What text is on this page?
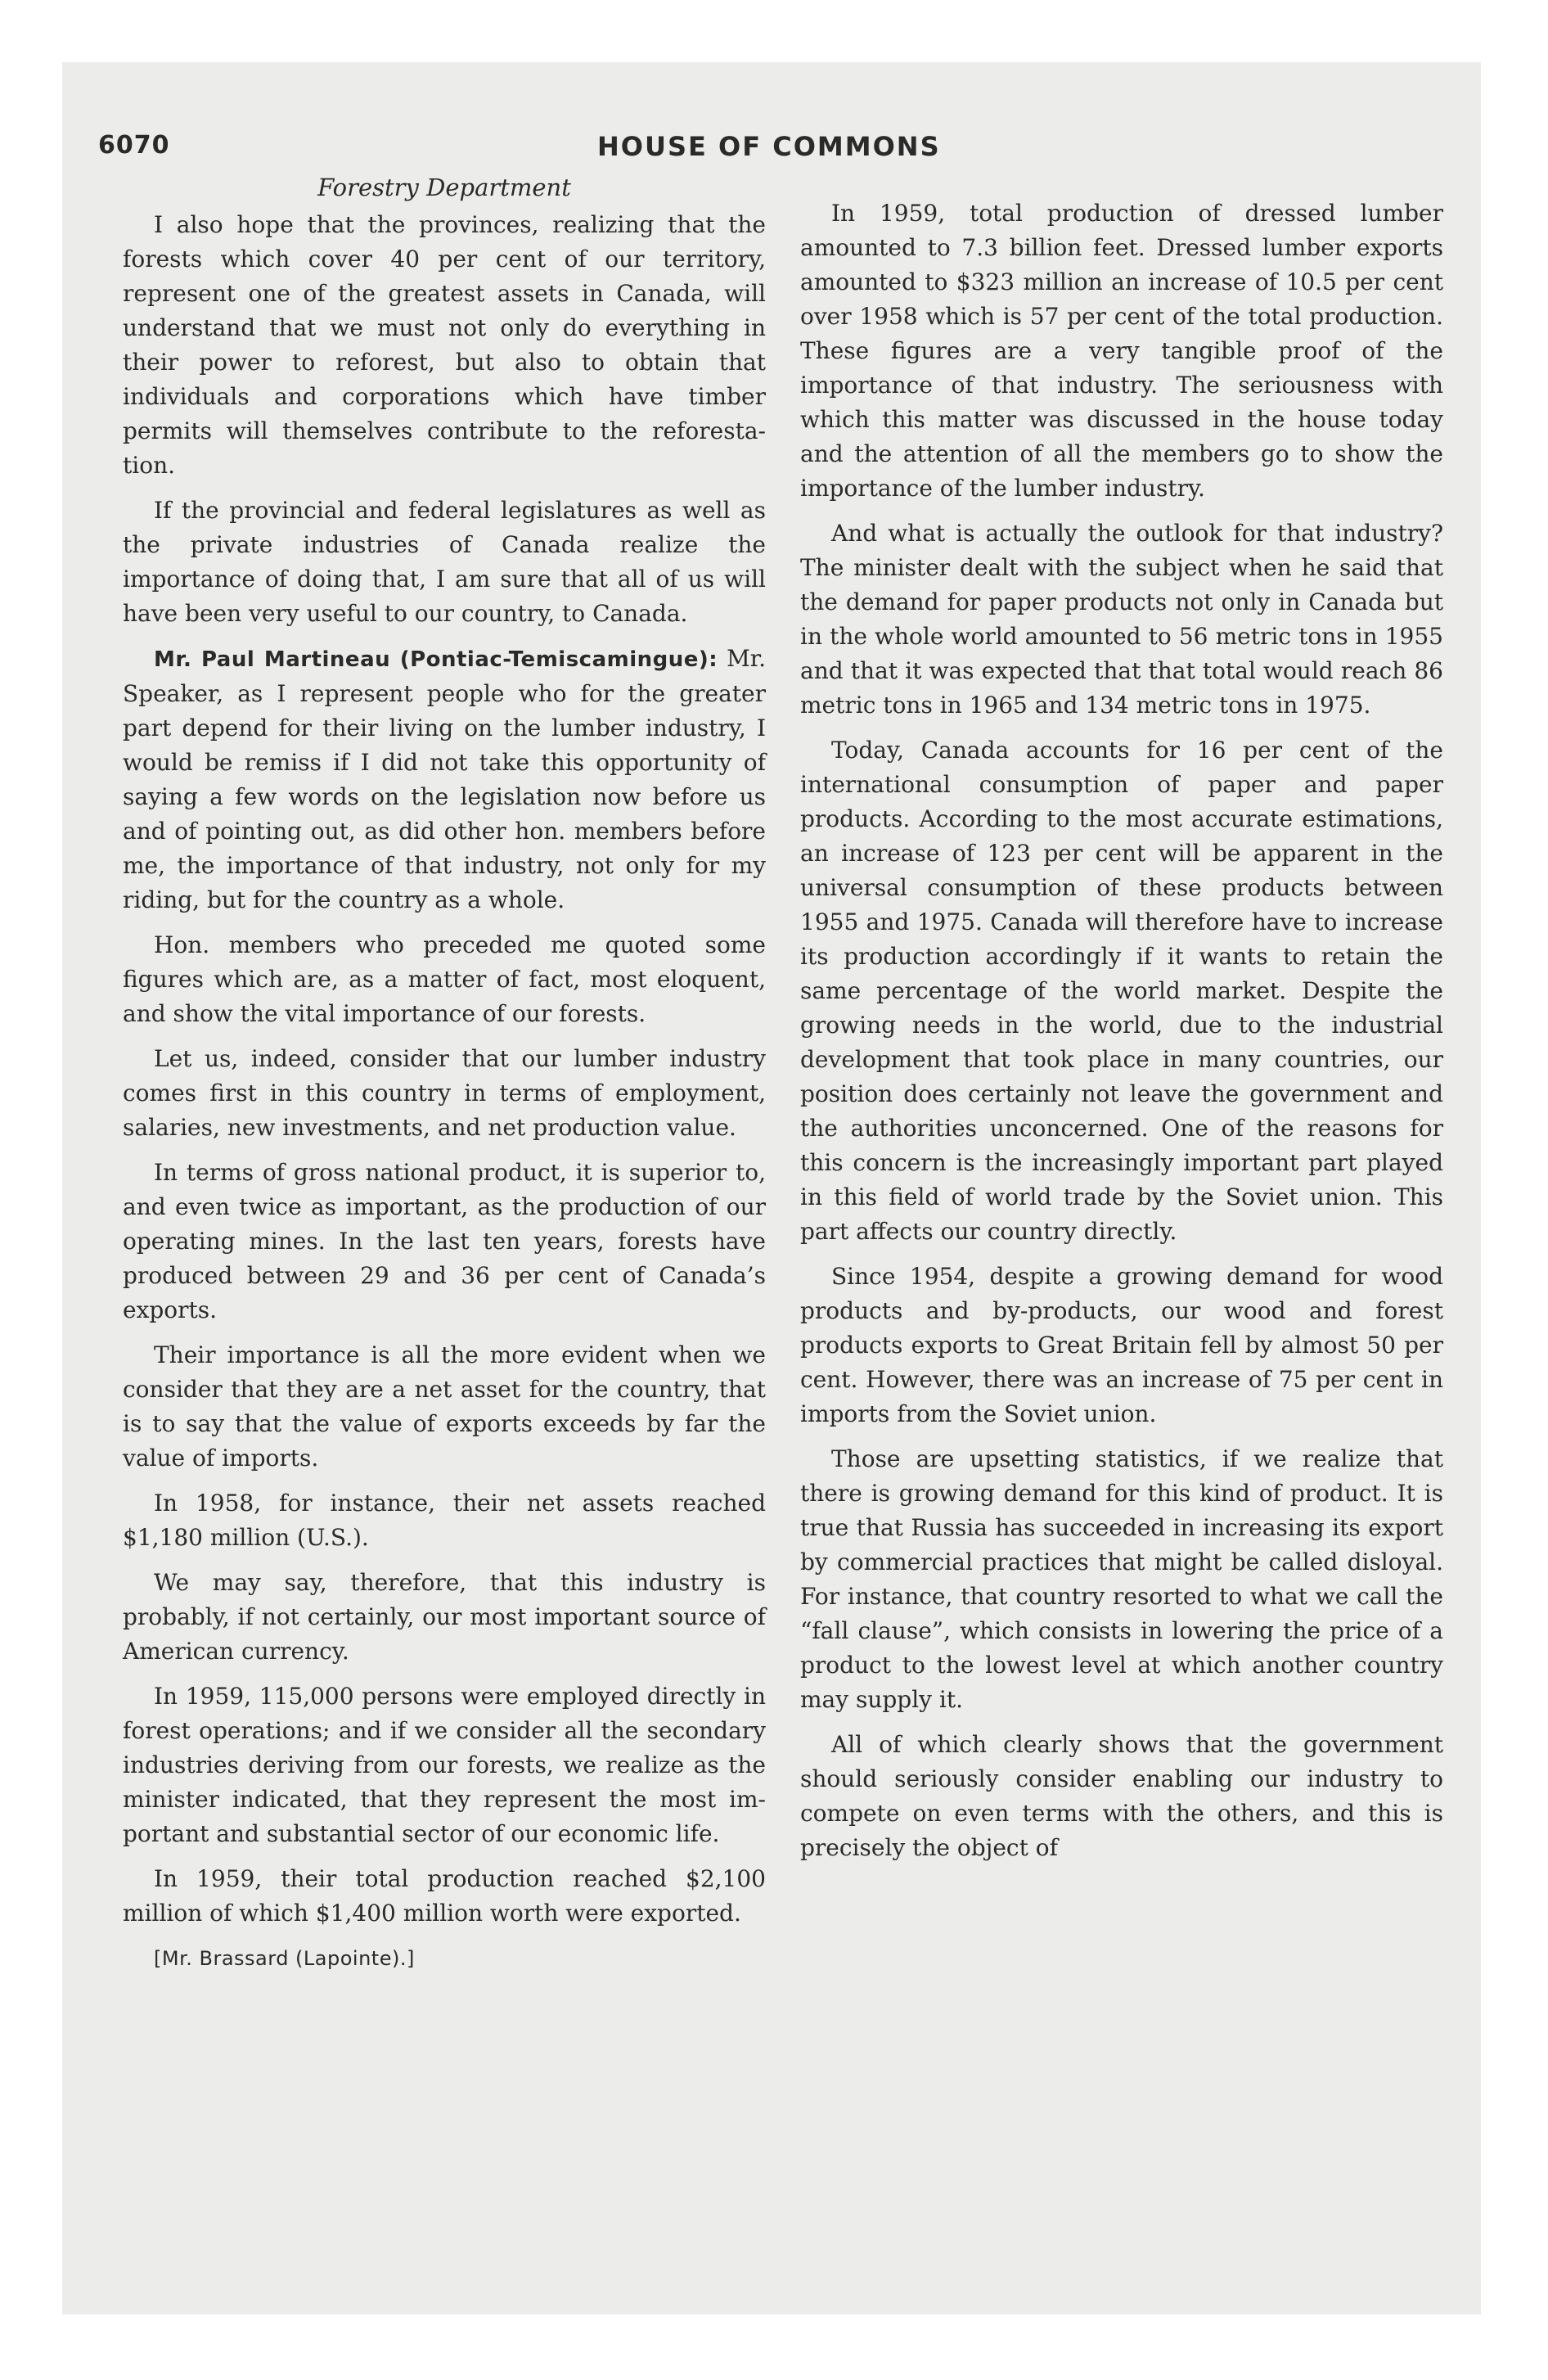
6070	HOUSE OF COMMONS
Forestry Department

I also hope that the provinces, realizing that the forests which cover 40 per cent of our territory, represent one of the greatest assets in Canada, will understand that we must not only do everything in their power to reforest, but also to obtain that individuals and corporations which have timber permits will themselves contribute to the reforestation.

If the provincial and federal legislatures as well as the private industries of Canada realize the importance of doing that, I am sure that all of us will have been very useful to our country, to Canada.

Mr. Paul Martineau (Pontiac-Temiscamingue): Mr. Speaker, as I represent people who for the greater part depend for their living on the lumber industry, I would be remiss if I did not take this opportunity of saying a few words on the legislation now before us and of pointing out, as did other hon. members before me, the importance of that industry, not only for my riding, but for the country as a whole.

Hon. members who preceded me quoted some figures which are, as a matter of fact, most eloquent, and show the vital importance of our forests.

Let us, indeed, consider that our lumber industry comes first in this country in terms of employment, salaries, new investments, and net production value.

In terms of gross national product, it is superior to, and even twice as important, as the production of our operating mines. In the last ten years, forests have produced between 29 and 36 per cent of Canada’s exports.

Their importance is all the more evident when we consider that they are a net asset for the country, that is to say that the value of exports exceeds by far the value of imports.

In 1958, for instance, their net assets reached $1,180 million (U.S.).

We may say, therefore, that this industry is probably, if not certainly, our most important source of American currency.

In 1959, 115,000 persons were employed directly in forest operations; and if we consider all the secondary industries deriving from our forests, we realize as the minister indicated, that they represent the most important and substantial sector of our economic life.

In 1959, their total production reached $2,100 million of which $1,400 million worth were exported.

[Mr. Brassard (Lapointe).]

In 1959, total production of dressed lumber amounted to 7.3 billion feet. Dressed lumber exports amounted to $323 million an increase of 10.5 per cent over 1958 which is 57 per cent of the total production. These figures are a very tangible proof of the importance of that industry. The seriousness with which this matter was discussed in the house today and the attention of all the members go to show the importance of the lumber industry.

And what is actually the outlook for that industry? The minister dealt with the subject when he said that the demand for paper products not only in Canada but in the whole world amounted to 56 metric tons in 1955 and that it was expected that that total would reach 86 metric tons in 1965 and 134 metric tons in 1975.

Today, Canada accounts for 16 per cent of the international consumption of paper and paper products. According to the most accurate estimations, an increase of 123 per cent will be apparent in the universal consumption of these products between 1955 and 1975. Canada will therefore have to increase its production accordingly if it wants to retain the same percentage of the world market. Despite the growing needs in the world, due to the industrial development that took place in many countries, our position does certainly not leave the government and the authorities unconcerned. One of the reasons for this concern is the increasingly important part played in this field of world trade by the Soviet union. This part affects our country directly.

Since 1954, despite a growing demand for wood products and by-products, our wood and forest products exports to Great Britain fell by almost 50 per cent. However, there was an increase of 75 per cent in imports from the Soviet union.

Those are upsetting statistics, if we realize that there is growing demand for this kind of product. It is true that Russia has succeeded in increasing its export by commercial practices that might be called disloyal. For instance, that country resorted to what we call the “fall clause”, which consists in lowering the price of a product to the lowest level at which another country may supply it.

All of which clearly shows that the government should seriously consider enabling our industry to compete on even terms with the others, and this is precisely the object of
